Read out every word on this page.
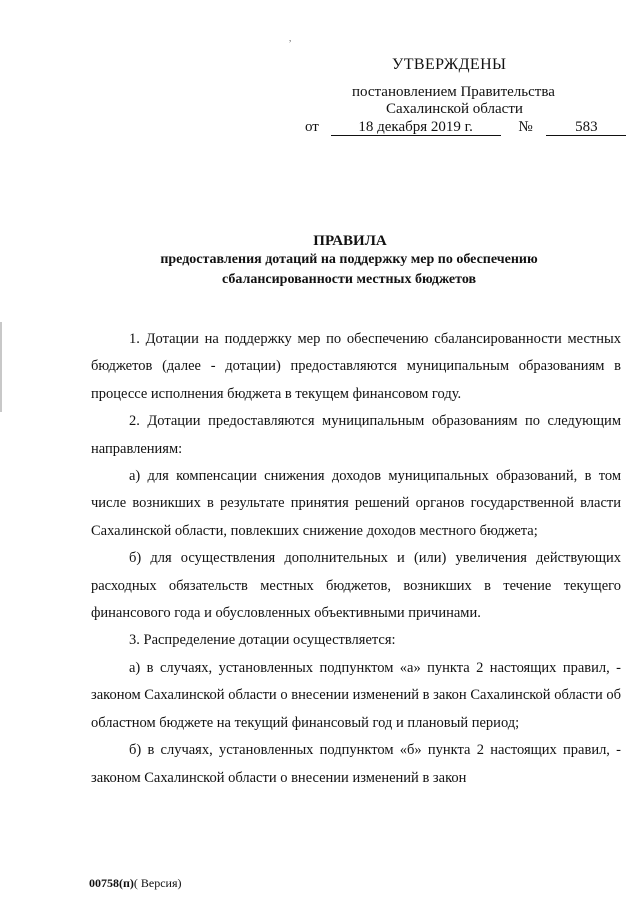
,
УТВЕРЖДЕНЫ
постановлением Правительства
Сахалинской области
от	18 декабря 2019 г.	№	583
ПРАВИЛА
предоставления дотаций на поддержку мер по обеспечению
сбалансированности местных бюджетов

1. Дотации на поддержку мер по обеспечению сбалансированности местных бюджетов (далее - дотации) предоставляются муниципальным образованиям в процессе исполнения бюджета в текущем финансовом году.

2. Дотации предоставляются муниципальным образованиям по следующим направлениям:

а) для компенсации снижения доходов муниципальных образований, в том числе возникших в результате принятия решений органов государственной власти Сахалинской области, повлекших снижение доходов местного бюджета;

б) для осуществления дополнительных и (или) увеличения действующих расходных обязательств местных бюджетов, возникших в течение текущего финансового года и обусловленных объективными причинами.

3. Распределение дотации осуществляется:

а) в случаях, установленных подпунктом «а» пункта 2 настоящих правил, - законом Сахалинской области о внесении изменений в закон Сахалинской области об областном бюджете на текущий финансовый год и плановый период;

б) в случаях, установленных подпунктом «б» пункта 2 настоящих правил, - законом Сахалинской области о внесении изменений в закон

00758(п)( Версия)
